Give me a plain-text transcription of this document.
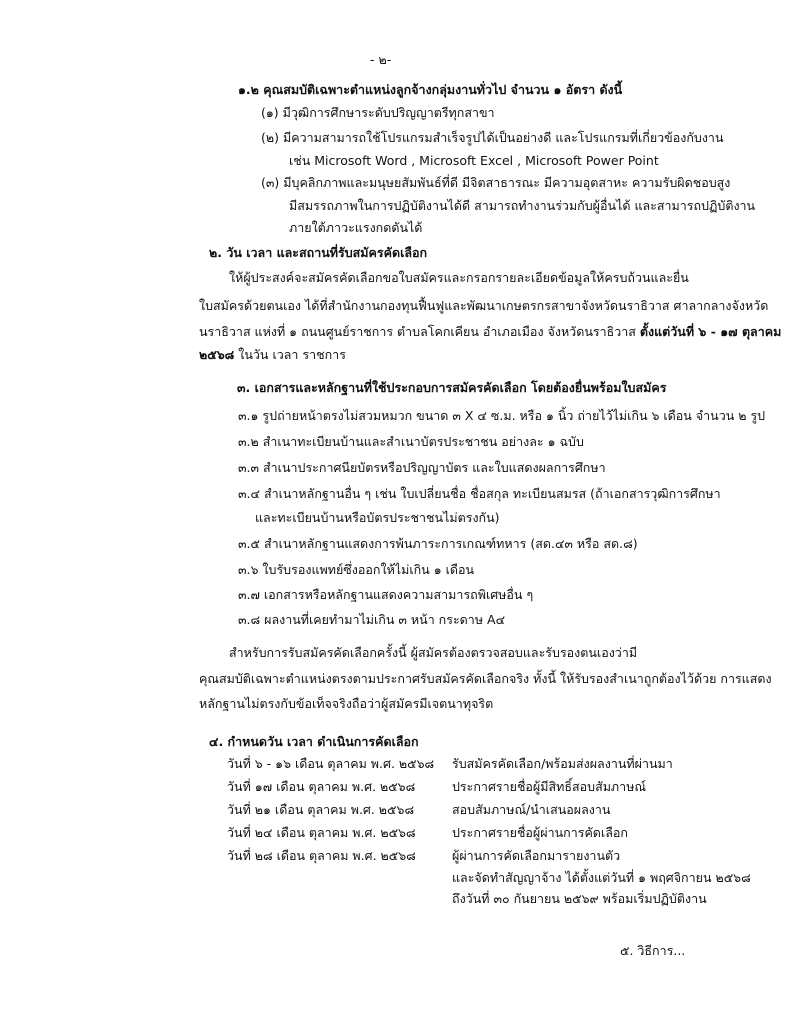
- ๒-
๑.๒ คุณสมบัติเฉพาะตำแหน่งลูกจ้างกลุ่มงานทั่วไป จำนวน ๑ อัตรา ดังนี้
(๑) มีวุฒิการศึกษาระดับปริญญาตรีทุกสาขา
(๒) มีความสามารถใช้โปรแกรมสำเร็จรูปได้เป็นอย่างดี และโปรแกรมที่เกี่ยวข้องกับงาน
เช่น Microsoft Word , Microsoft Excel , Microsoft Power Point
(๓) มีบุคลิกภาพและมนุษยสัมพันธ์ที่ดี มีจิตสาธารณะ มีความอุตสาหะ ความรับผิดชอบสูง
มีสมรรถภาพในการปฏิบัติงานได้ดี สามารถทำงานร่วมกับผู้อื่นได้ และสามารถปฏิบัติงาน
ภายใต้ภาวะแรงกดดันได้
๒. วัน เวลา และสถานที่รับสมัครคัดเลือก
ให้ผู้ประสงค์จะสมัครคัดเลือกขอใบสมัครและกรอกรายละเอียดข้อมูลให้ครบถ้วนและยื่น
ใบสมัครด้วยตนเอง ได้ที่สำนักงานกองทุนฟื้นฟูและพัฒนาเกษตรกรสาขาจังหวัดนราธิวาส ศาลากลางจังหวัด
นราธิวาส แห่งที่ ๑ ถนนศูนย์ราชการ ตำบลโคกเคียน อำเภอเมือง จังหวัดนราธิวาส ตั้งแต่วันที่ ๖ - ๑๗ ตุลาคม
๒๕๖๘ ในวัน เวลา ราชการ
๓. เอกสารและหลักฐานที่ใช้ประกอบการสมัครคัดเลือก โดยต้องยื่นพร้อมใบสมัคร
๓.๑ รูปถ่ายหน้าตรงไม่สวมหมวก ขนาด ๓ X ๔ ซ.ม. หรือ ๑ นิ้ว ถ่ายไว้ไม่เกิน ๖ เดือน จำนวน ๒ รูป
๓.๒ สำเนาทะเบียนบ้านและสำเนาบัตรประชาชน อย่างละ ๑ ฉบับ
๓.๓ สำเนาประกาศนียบัตรหรือปริญญาบัตร และใบแสดงผลการศึกษา
๓.๔ สำเนาหลักฐานอื่น ๆ เช่น ใบเปลี่ยนชื่อ ชื่อสกุล ทะเบียนสมรส (ถ้าเอกสารวุฒิการศึกษา
และทะเบียนบ้านหรือบัตรประชาชนไม่ตรงกัน)
๓.๕ สำเนาหลักฐานแสดงการพ้นภาระการเกณฑ์ทหาร (สด.๔๓ หรือ สด.๘)
๓.๖ ใบรับรองแพทย์ซึ่งออกให้ไม่เกิน ๑ เดือน
๓.๗ เอกสารหรือหลักฐานแสดงความสามารถพิเศษอื่น ๆ
๓.๘ ผลงานที่เคยทำมาไม่เกิน ๓ หน้า กระดาษ A๔
สำหรับการรับสมัครคัดเลือกครั้งนี้ ผู้สมัครต้องตรวจสอบและรับรองตนเองว่ามี
คุณสมบัติเฉพาะตำแหน่งตรงตามประกาศรับสมัครคัดเลือกจริง ทั้งนี้ ให้รับรองสำเนาถูกต้องไว้ด้วย การแสดง
หลักฐานไม่ตรงกับข้อเท็จจริงถือว่าผู้สมัครมีเจตนาทุจริต
๔. กำหนดวัน เวลา ดำเนินการคัดเลือก
วันที่ ๖ - ๑๖ เดือน ตุลาคม พ.ศ. ๒๕๖๘ รับสมัครคัดเลือก/พร้อมส่งผลงานที่ผ่านมา
วันที่ ๑๗ เดือน ตุลาคม พ.ศ. ๒๕๖๘	ประกาศรายชื่อผู้มีสิทธิ์สอบสัมภาษณ์
วันที่ ๒๑ เดือน ตุลาคม พ.ศ. ๒๕๖๘	สอบสัมภาษณ์/นำเสนอผลงาน
วันที่ ๒๔ เดือน ตุลาคม พ.ศ. ๒๕๖๘	ประกาศรายชื่อผู้ผ่านการคัดเลือก
วันที่ ๒๘ เดือน ตุลาคม พ.ศ. ๒๕๖๘	ผู้ผ่านการคัดเลือกมารายงานตัว
และจัดทำสัญญาจ้าง ได้ตั้งแต่วันที่ ๑ พฤศจิกายน ๒๕๖๘
ถึงวันที่ ๓๐ กันยายน ๒๕๖๙ พร้อมเริ่มปฏิบัติงาน
๕. วิธีการ...
